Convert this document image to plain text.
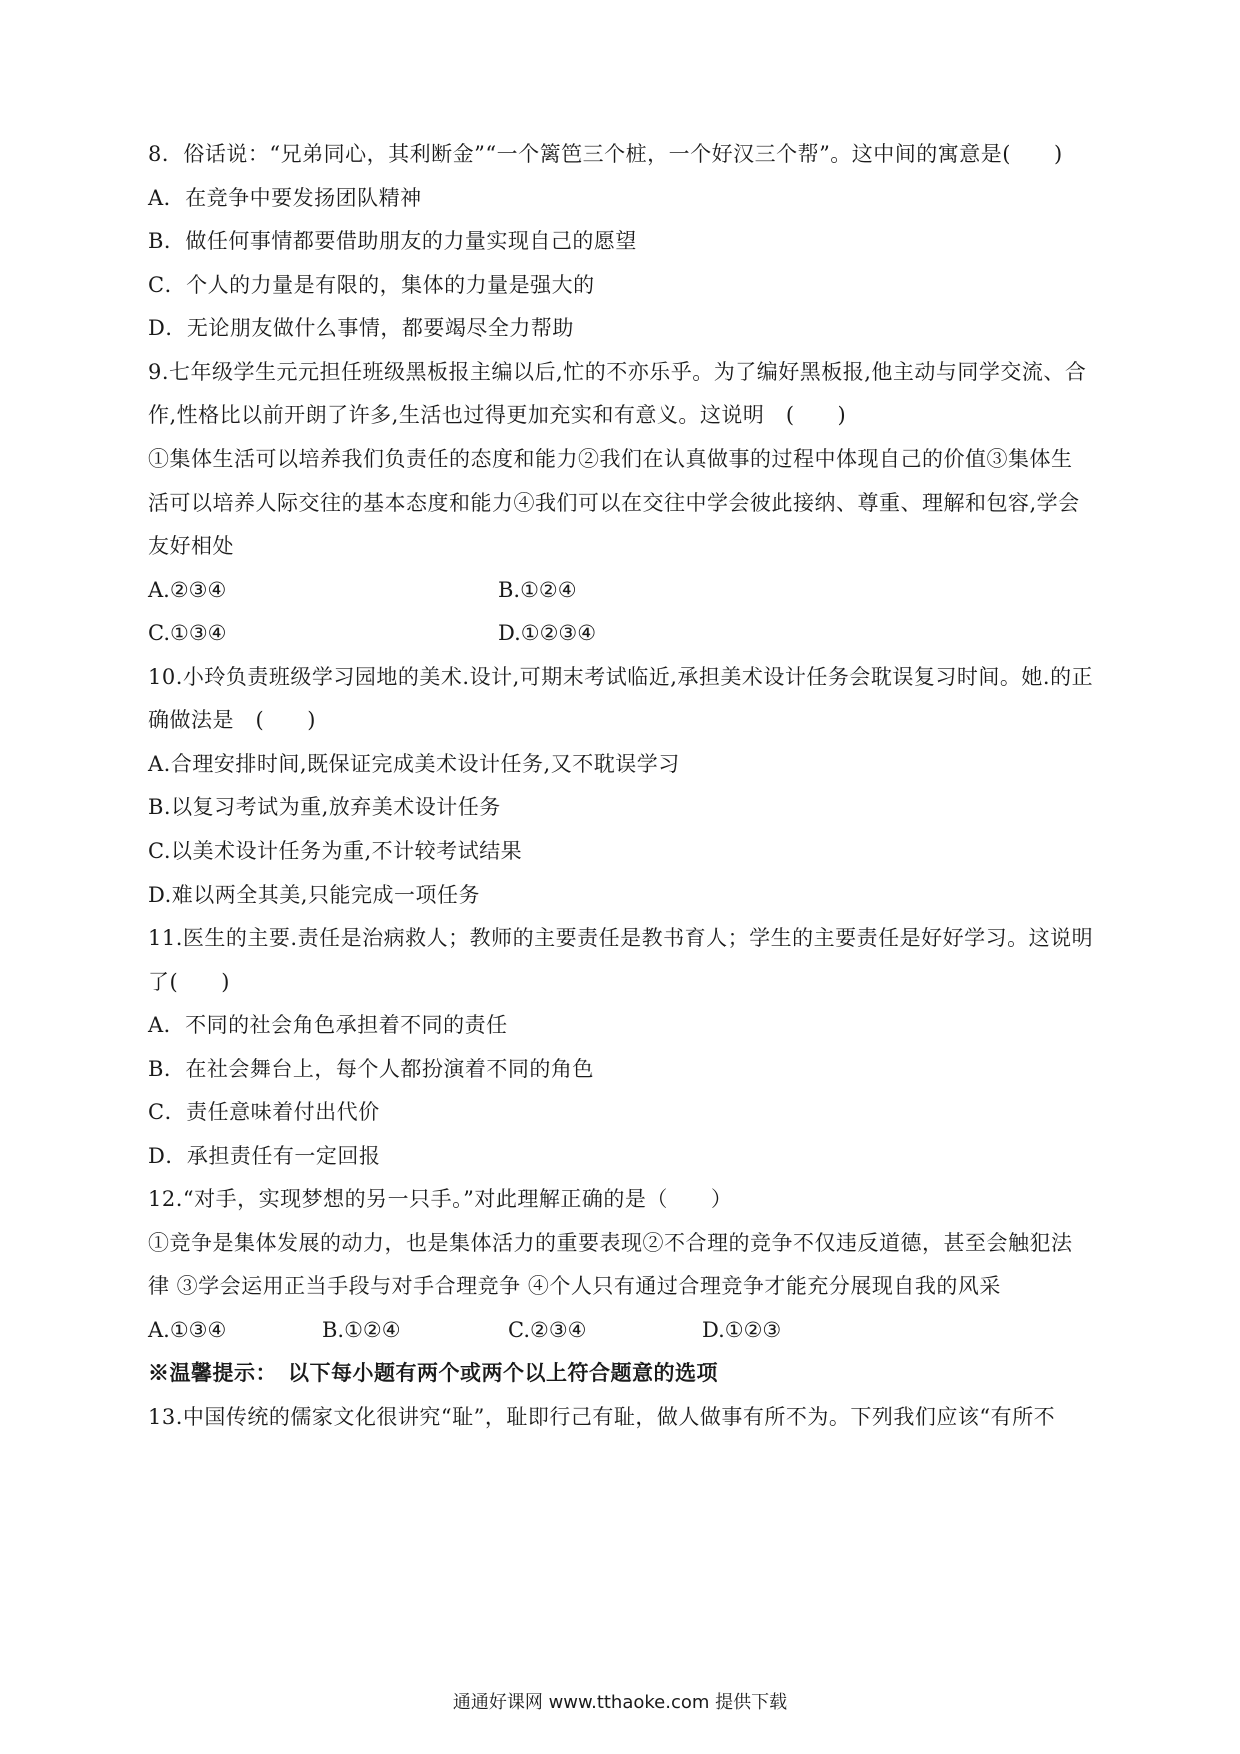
8．俗话说：“兄弟同心，其利断金”“一个篱笆三个桩，一个好汉三个帮”。这中间的寓意是(　　)
A．在竞争中要发扬团队精神
B．做任何事情都要借助朋友的力量实现自己的愿望
C．个人的力量是有限的，集体的力量是强大的
D．无论朋友做什么事情，都要竭尽全力帮助
9.七年级学生元元担任班级黑板报主编以后,忙的不亦乐乎。为了编好黑板报,他主动与同学交流、合
作,性格比以前开朗了许多,生活也过得更加充实和有意义。这说明　(　　)
①集体生活可以培养我们负责任的态度和能力②我们在认真做事的过程中体现自己的价值③集体生
活可以培养人际交往的基本态度和能力④我们可以在交往中学会彼此接纳、尊重、理解和包容,学会
友好相处
A.②③④	B.①②④
C.①③④	D.①②③④
10.小玲负责班级学习园地的美术.设计,可期末考试临近,承担美术设计任务会耽误复习时间。她.的正
确做法是　(　　)
A.合理安排时间,既保证完成美术设计任务,又不耽误学习
B.以复习考试为重,放弃美术设计任务
C.以美术设计任务为重,不计较考试结果
D.难以两全其美,只能完成一项任务
11.医生的主要.责任是治病救人；教师的主要责任是教书育人；学生的主要责任是好好学习。这说明
了(　　)
A．不同的社会角色承担着不同的责任
B．在社会舞台上，每个人都扮演着不同的角色
C．责任意味着付出代价
D．承担责任有一定回报
12.“对手，实现梦想的另一只手。”对此理解正确的是（　　）
①竞争是集体发展的动力，也是集体活力的重要表现②不合理的竞争不仅违反道德，甚至会触犯法
律 ③学会运用正当手段与对手合理竞争 ④个人只有通过合理竞争才能充分展现自我的风采
A.①③④	B.①②④	C.②③④	D.①②③
※温馨提示：　以下每小题有两个或两个以上符合题意的选项
13.中国传统的儒家文化很讲究“耻”，耻即行己有耻，做人做事有所不为。下列我们应该“有所不
通通好课网 www.tthaoke.com 提供下载
